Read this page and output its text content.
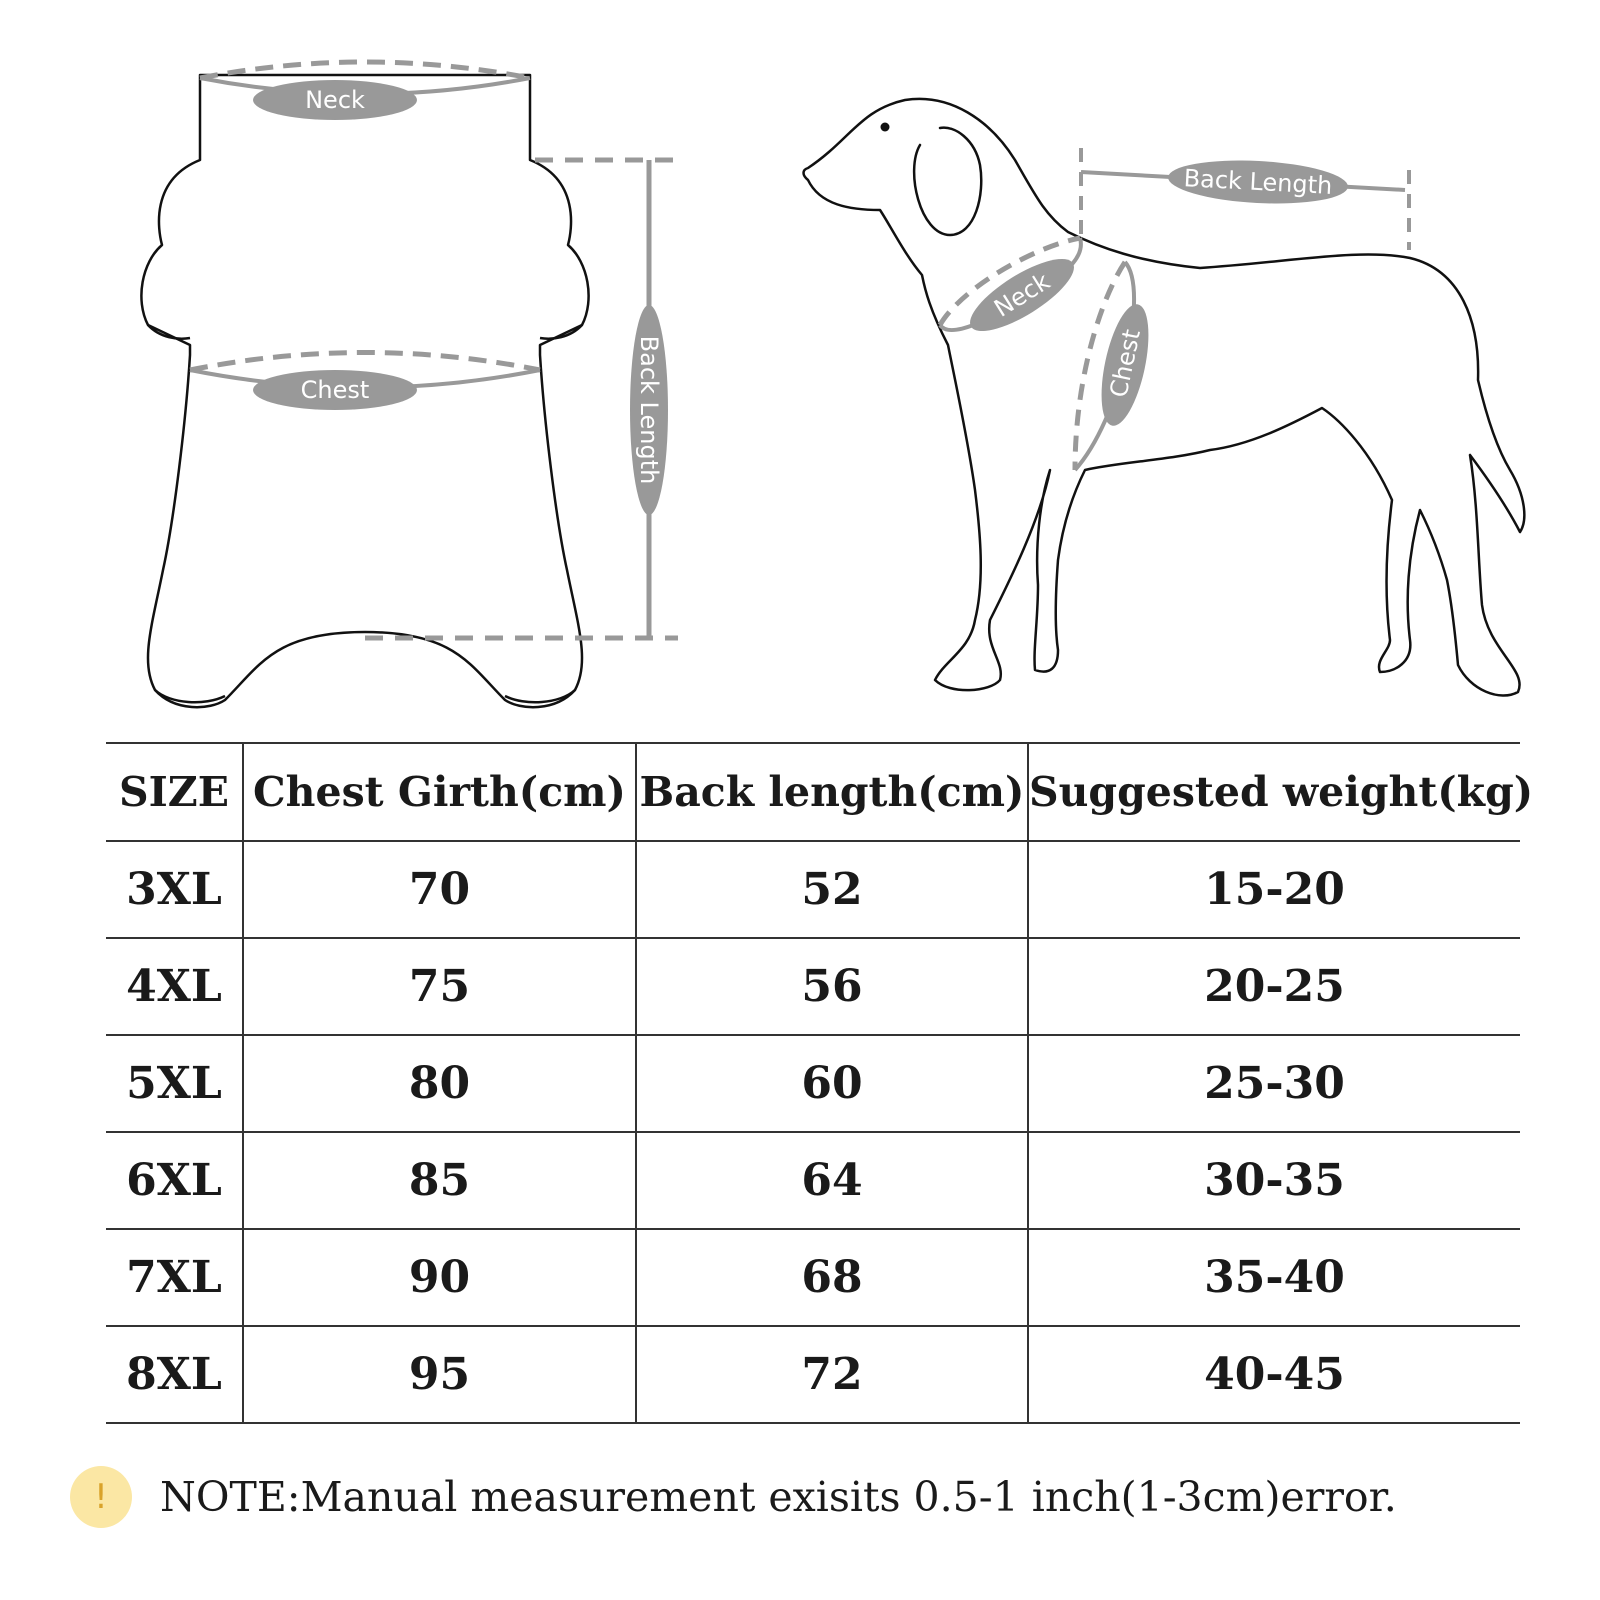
Neck
Chest	Back Length
Back Length
Neck
Chest
SIZE	Chest Girth(cm)	Back length(cm)	Suggested weight(kg)
3XL	70	52	15-20
4XL	75	56	20-25
5XL	80	60	25-30
6XL	85	64	30-35
7XL	90	68	35-40
8XL	95	72	40-45
!	NOTE:Manual measurement exisits 0.5-1 inch(1-3cm)error.
